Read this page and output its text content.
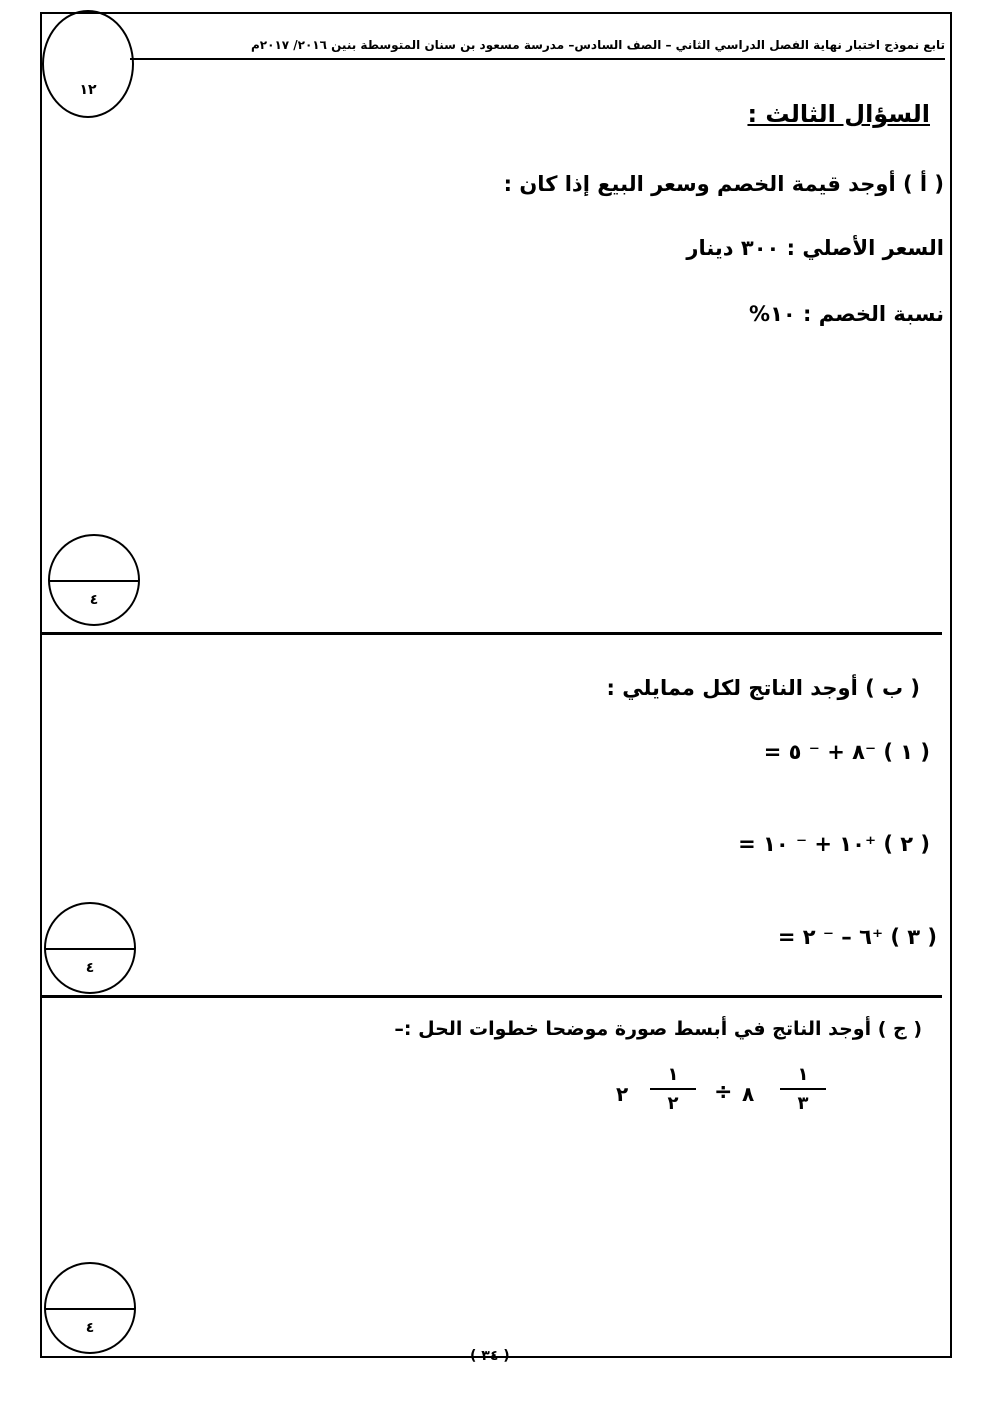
تابع نموذج اختبار نهاية الفصل الدراسي الثاني – الصف السادس– مدرسة مسعود بن سنان المتوسطة بنين ٢٠١٦/ ٢٠١٧م
١٢
السؤال الثالث :
( أ ) أوجد قيمة الخصم وسعر البيع إذا كان :
السعر الأصلي : ٣٠٠ دينار
نسبة الخصم : ١٠%
٤
( ب ) أوجد الناتج لكل ممايلي :
( ١ ) ⁻٨ + ⁻ ٥ =
( ٢ ) ⁺١٠ + ⁻ ١٠ =
( ٣ ) ⁺٦ – ⁻ ٢ =
٤
( ج ) أوجد الناتج في أبسط صورة موضحا خطوات الحل :–
١
٣
٨
÷
١
٢
٢
٤
( ٣٤ )
